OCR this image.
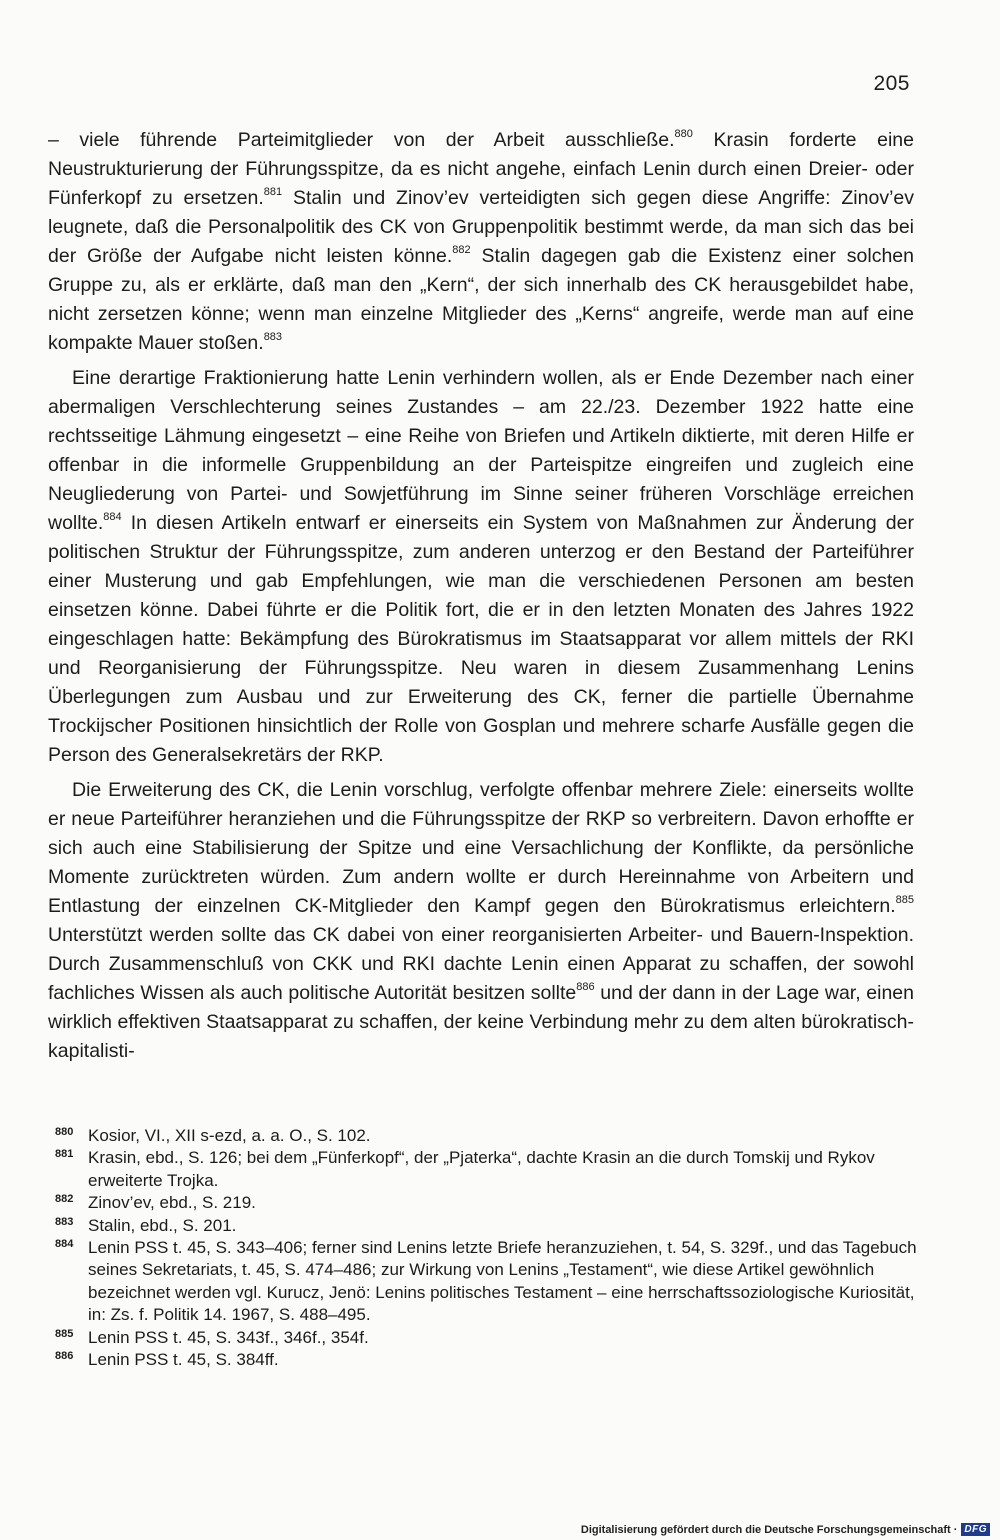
205

– viele führende Parteimitglieder von der Arbeit ausschließe.$^{880}$ Krasin forderte eine Neustrukturierung der Führungsspitze, da es nicht angehe, einfach Lenin durch einen Dreier- oder Fünferkopf zu ersetzen.$^{881}$ Stalin und Zinov’ev verteidigten sich gegen diese Angriffe: Zinov’ev leugnete, daß die Personalpolitik des CK von Gruppenpolitik bestimmt werde, da man sich das bei der Größe der Aufgabe nicht leisten könne.$^{882}$ Stalin dagegen gab die Existenz einer solchen Gruppe zu, als er erklärte, daß man den „Kern“, der sich innerhalb des CK herausgebildet habe, nicht zersetzen könne; wenn man einzelne Mitglieder des „Kerns“ angreife, werde man auf eine kompakte Mauer stoßen.$^{883}$

Eine derartige Fraktionierung hatte Lenin verhindern wollen, als er Ende Dezember nach einer abermaligen Verschlechterung seines Zustandes – am 22./23. Dezember 1922 hatte eine rechtsseitige Lähmung eingesetzt – eine Reihe von Briefen und Artikeln diktierte, mit deren Hilfe er offenbar in die informelle Gruppenbildung an der Parteispitze eingreifen und zugleich eine Neugliederung von Partei- und Sowjetführung im Sinne seiner früheren Vorschläge erreichen wollte.$^{884}$ In diesen Artikeln entwarf er einerseits ein System von Maßnahmen zur Änderung der politischen Struktur der Führungsspitze, zum anderen unterzog er den Bestand der Parteiführer einer Musterung und gab Empfehlungen, wie man die verschiedenen Personen am besten einsetzen könne. Dabei führte er die Politik fort, die er in den letzten Monaten des Jahres 1922 eingeschlagen hatte: Bekämpfung des Bürokratismus im Staatsapparat vor allem mittels der RKI und Reorganisierung der Führungsspitze. Neu waren in diesem Zusammenhang Lenins Überlegungen zum Ausbau und zur Erweiterung des CK, ferner die partielle Übernahme Trockijscher Positionen hinsichtlich der Rolle von Gosplan und mehrere scharfe Ausfälle gegen die Person des Generalsekretärs der RKP.

Die Erweiterung des CK, die Lenin vorschlug, verfolgte offenbar mehrere Ziele: einerseits wollte er neue Parteiführer heranziehen und die Führungsspitze der RKP so verbreitern. Davon erhoffte er sich auch eine Stabilisierung der Spitze und eine Versachlichung der Konflikte, da persönliche Momente zurücktreten würden. Zum andern wollte er durch Hereinnahme von Arbeitern und Entlastung der einzelnen CK-Mitglieder den Kampf gegen den Bürokratismus erleichtern.$^{885}$ Unterstützt werden sollte das CK dabei von einer reorganisierten Arbeiter- und Bauern-Inspektion. Durch Zusammenschluß von CKK und RKI dachte Lenin einen Apparat zu schaffen, der sowohl fachliches Wissen als auch politische Autorität besitzen sollte$^{886}$ und der dann in der Lage war, einen wirklich effektiven Staatsapparat zu schaffen, der keine Verbindung mehr zu dem alten bürokratisch-kapitalisti-

880 Kosior, VI., XII s-ezd, a. a. O., S. 102.
881 Krasin, ebd., S. 126; bei dem „Fünferkopf“, der „Pjaterka“, dachte Krasin an die durch Tomskij und Rykov erweiterte Trojka.
882 Zinov’ev, ebd., S. 219.
883 Stalin, ebd., S. 201.
884 Lenin PSS t. 45, S. 343–406; ferner sind Lenins letzte Briefe heranzuziehen, t. 54, S. 329f., und das Tagebuch seines Sekretariats, t. 45, S. 474–486; zur Wirkung von Lenins „Testament“, wie diese Artikel gewöhnlich bezeichnet werden vgl. Kurucz, Jenö: Lenins politisches Testament – eine herrschaftssoziologische Kuriosität, in: Zs. f. Politik 14. 1967, S. 488–495.
885 Lenin PSS t. 45, S. 343f., 346f., 354f.
886 Lenin PSS t. 45, S. 384ff.
Digitalisierung gefördert durch die Deutsche Forschungsgemeinschaft · DFG
